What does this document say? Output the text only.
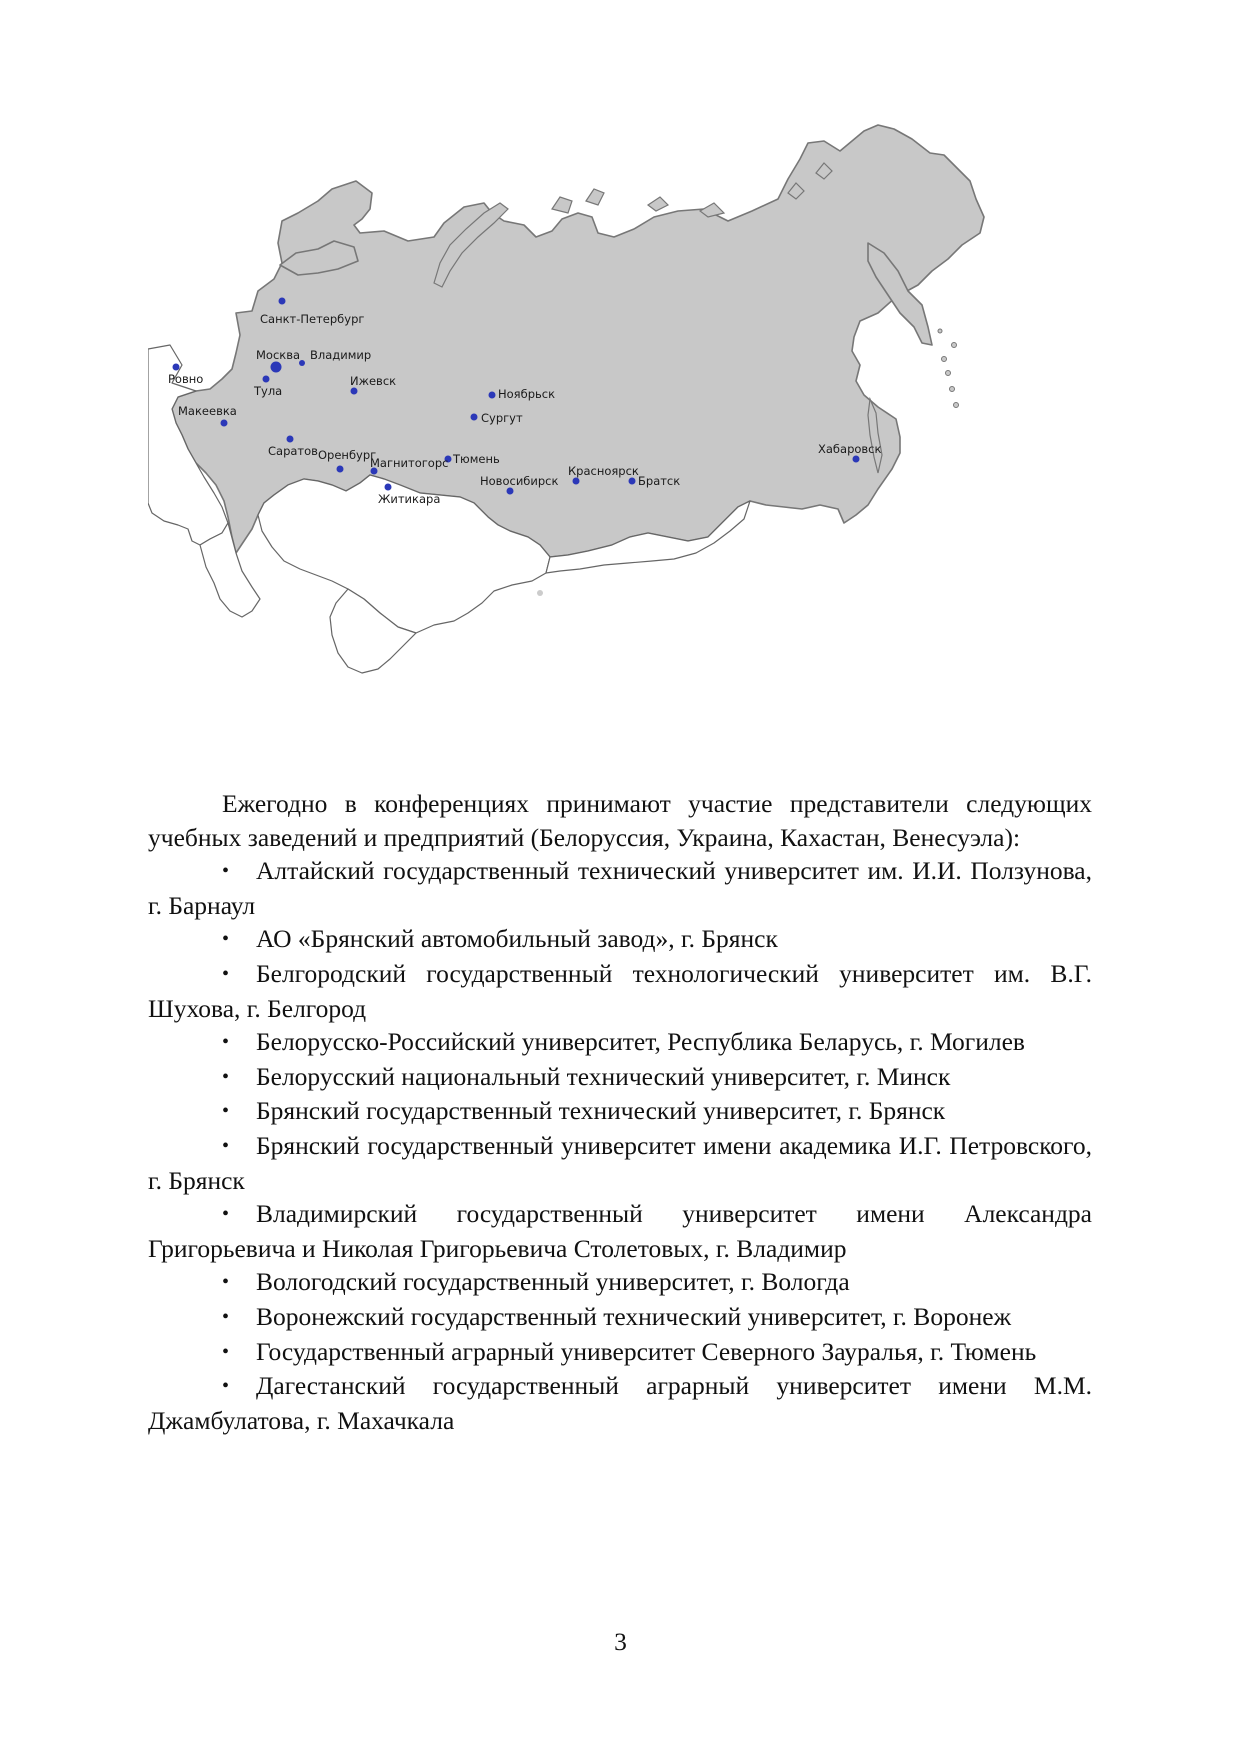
Санкт-Петербург
Москва Владимир
Тула
Ровно
Макеевка
Ижевск
Ноябрьск
Сургут
Саратов Оренбург
Магнитогорс Тюмень
Житикара
Новосибирск
Красноярск
Братск
Хабаровск

Ежегодно в конференциях принимают участие представители следующих учебных заведений и предприятий (Белоруссия, Украина, Кахастан, Венесуэла):

• Алтайский государственный технический университет им. И.И. Ползунова, г. Барнаул
• АО «Брянский автомобильный завод», г. Брянск
• Белгородский государственный технологический университет им. В.Г. Шухова, г. Белгород
• Белорусско-Российский университет, Республика Беларусь, г. Могилев
• Белорусский национальный технический университет, г. Минск
• Брянский государственный технический университет, г. Брянск
• Брянский государственный университет имени академика И.Г. Петровского, г. Брянск
• Владимирский государственный университет имени Александра Григорьевича и Николая Григорьевича Столетовых, г. Владимир
• Вологодский государственный университет, г. Вологда
• Воронежский государственный технический университет, г. Воронеж
• Государственный аграрный университет Северного Зауралья, г. Тюмень
• Дагестанский государственный аграрный университет имени М.М. Джамбулатова, г. Махачкала
3
